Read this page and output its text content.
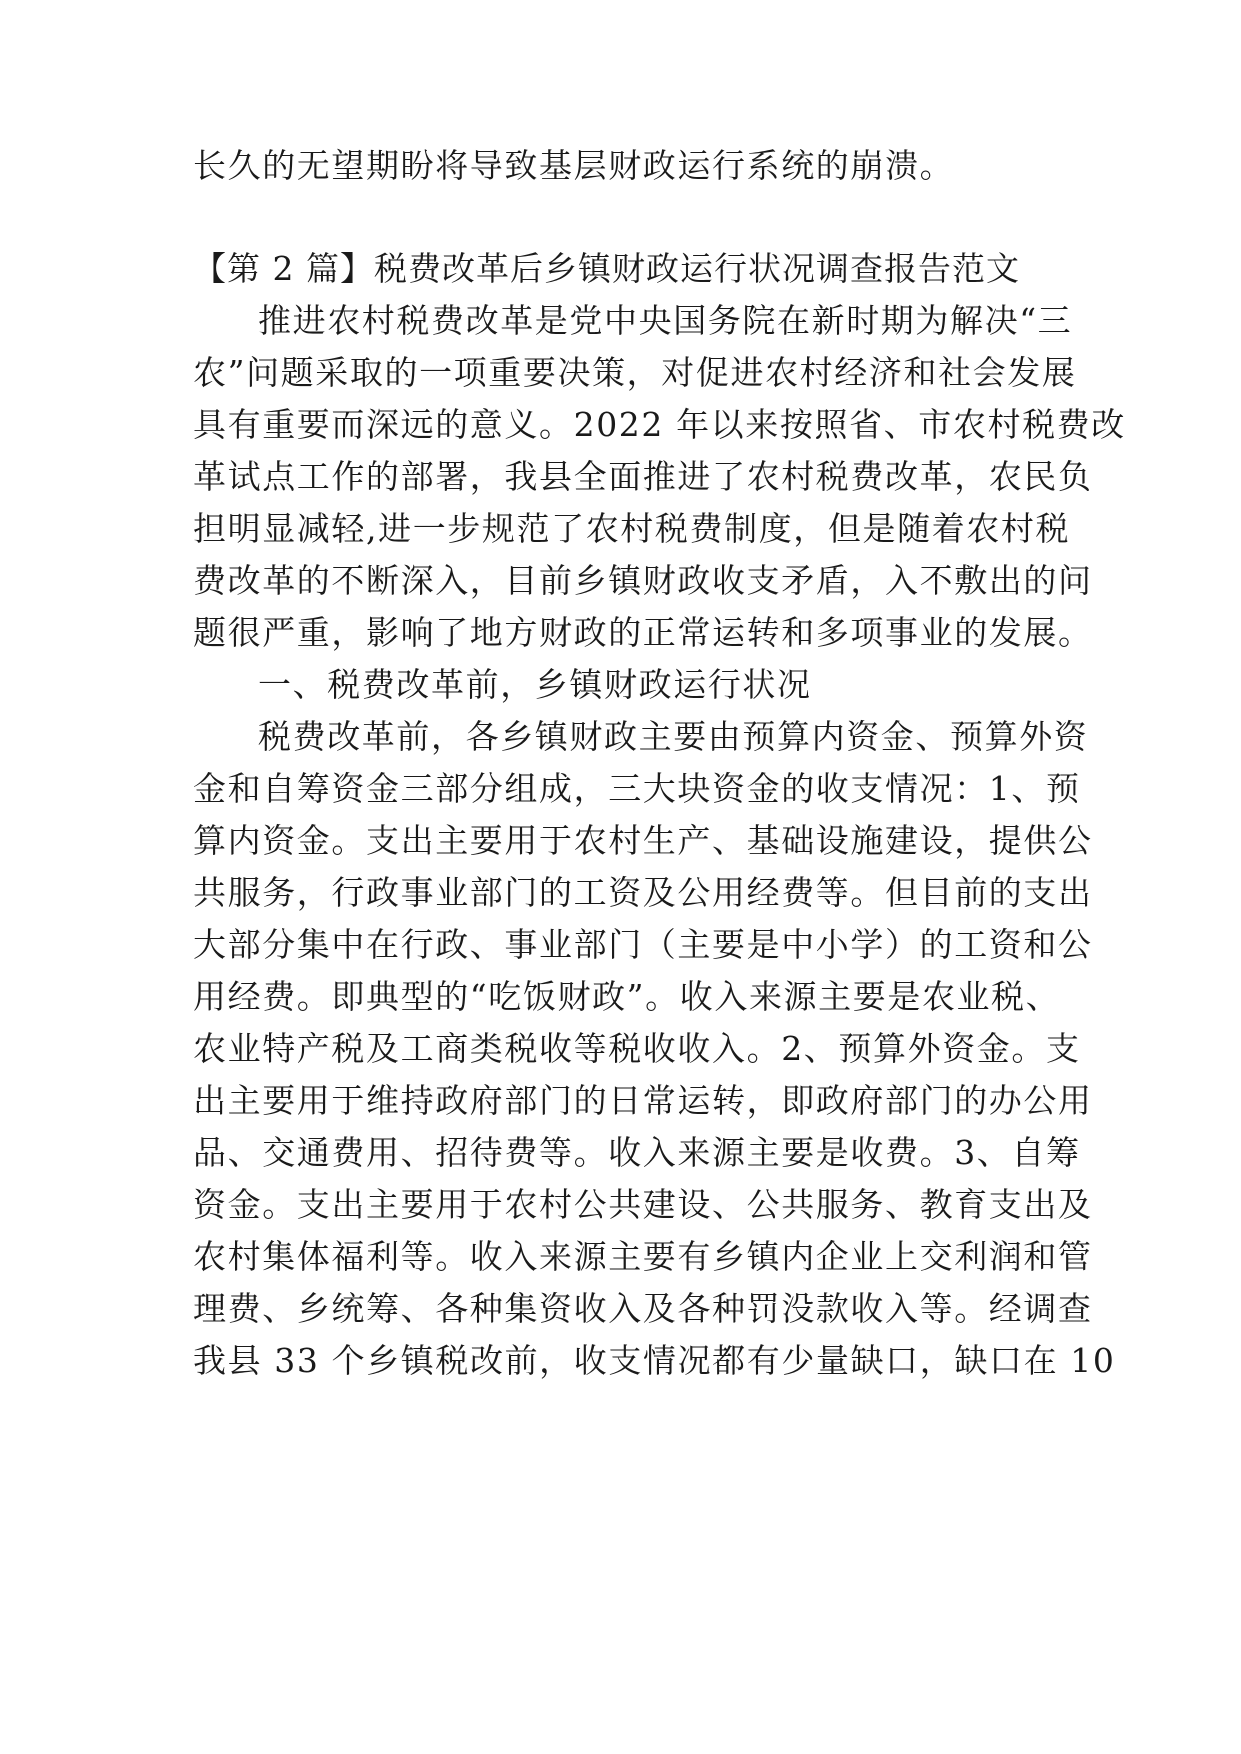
长久的无望期盼将导致基层财政运行系统的崩溃。
【第 2 篇】税费改革后乡镇财政运行状况调查报告范文
推进农村税费改革是党中央国务院在新时期为解决“三
农”问题采取的一项重要决策，对促进农村经济和社会发展
具有重要而深远的意义。2022 年以来按照省、市农村税费改
革试点工作的部署，我县全面推进了农村税费改革，农民负
担明显减轻,进一步规范了农村税费制度，但是随着农村税
费改革的不断深入，目前乡镇财政收支矛盾，入不敷出的问
题很严重，影响了地方财政的正常运转和多项事业的发展。
一、税费改革前，乡镇财政运行状况
税费改革前，各乡镇财政主要由预算内资金、预算外资
金和自筹资金三部分组成，三大块资金的收支情况：1、预
算内资金。支出主要用于农村生产、基础设施建设，提供公
共服务，行政事业部门的工资及公用经费等。但目前的支出
大部分集中在行政、事业部门（主要是中小学）的工资和公
用经费。即典型的“吃饭财政”。收入来源主要是农业税、
农业特产税及工商类税收等税收收入。2、预算外资金。支
出主要用于维持政府部门的日常运转，即政府部门的办公用
品、交通费用、招待费等。收入来源主要是收费。3、自筹
资金。支出主要用于农村公共建设、公共服务、教育支出及
农村集体福利等。收入来源主要有乡镇内企业上交利润和管
理费、乡统筹、各种集资收入及各种罚没款收入等。经调查
我县 33 个乡镇税改前，收支情况都有少量缺口，缺口在 10
